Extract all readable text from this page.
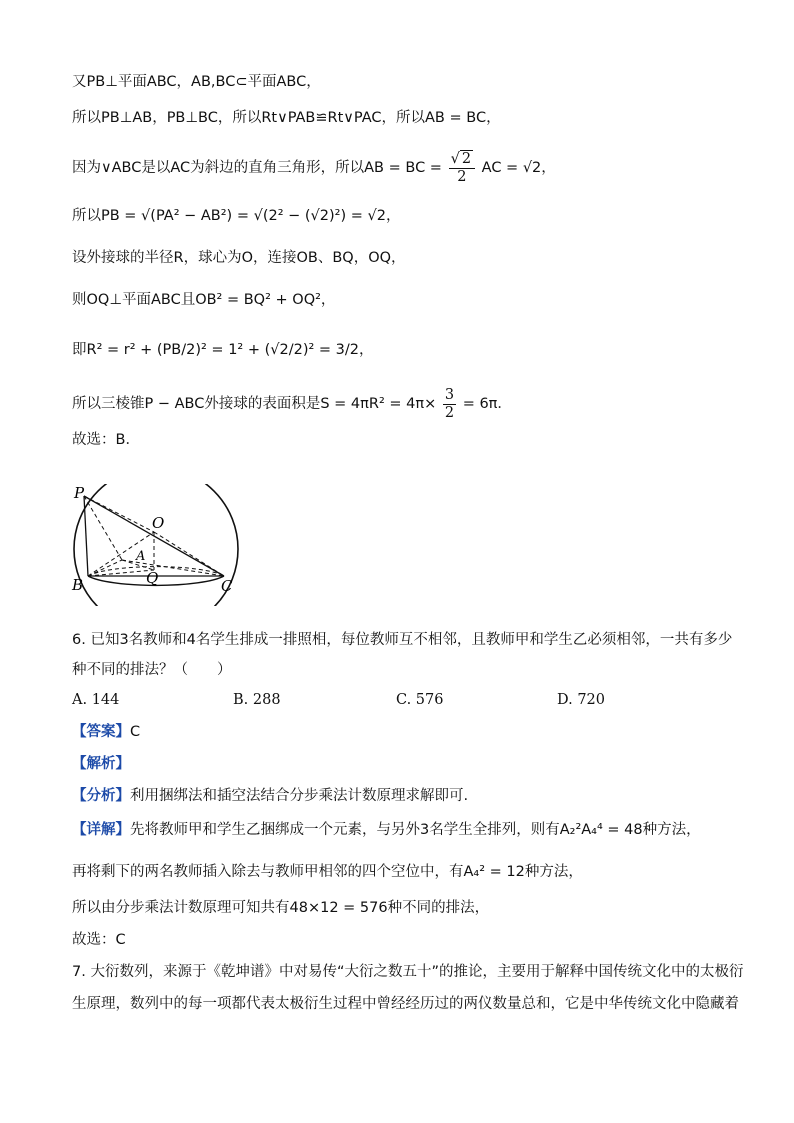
又PB⊥平面ABC，AB,BC⊂平面ABC，
所以PB⊥AB，PB⊥BC，所以Rt∨PAB≌Rt∨PAC，所以AB = BC，
因为∨ABC是以AC为斜边的直角三角形，所以AB = BC = $\frac{√ 2}{2}$ AC = √2，
所以PB = √(PA² − AB²) = √(2² − (√2)²) = √2，
设外接球的半径R，球心为O，连接OB、BQ，OQ，
则OQ⊥平面ABC且OB² = BQ² + OQ²，
即R² = r² + (PB/2)² = 1² + (√2/2)² = 3/2，
所以三棱锥P − ABC外接球的表面积是$S = 4\pi R^2 = 4\pi\times \frac{3}{2} = 6\pi$．
故选：B．
P
O
A
B	Q	C
6. 已知3名教师和4名学生排成一排照相，每位教师互不相邻，且教师甲和学生乙必须相邻，一共有多少
种不同的排法？（　　）
A. 144	B. 288	C. 576	D. 720
【答案】C
【解析】
【分析】利用捆绑法和插空法结合分步乘法计数原理求解即可.
【详解】先将教师甲和学生乙捆绑成一个元素，与另外3名学生全排列，则有A₂²A₄⁴ = 48种方法，
再将剩下的两名教师插入除去与教师甲相邻的四个空位中，有A₄² = 12种方法，
所以由分步乘法计数原理可知共有48×12 = 576种不同的排法，
故选：C
7. 大衍数列，来源于《乾坤谱》中对易传“大衍之数五十”的推论，主要用于解释中国传统文化中的太极衍
生原理，数列中的每一项都代表太极衍生过程中曾经经历过的两仪数量总和，它是中华传统文化中隐藏着
